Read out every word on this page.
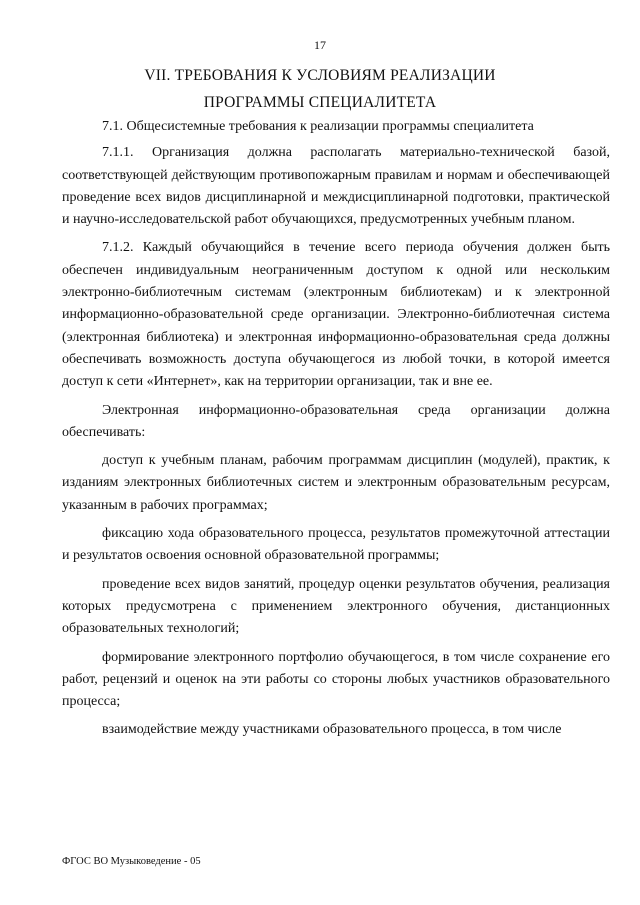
17
VII. ТРЕБОВАНИЯ К УСЛОВИЯМ РЕАЛИЗАЦИИ
ПРОГРАММЫ СПЕЦИАЛИТЕТА

7.1. Общесистемные требования к реализации программы специалитета

7.1.1. Организация должна располагать материально-технической базой, соответствующей действующим противопожарным правилам и нормам и обеспечивающей проведение всех видов дисциплинарной и междисциплинарной подготовки, практической и научно-исследовательской работ обучающихся, предусмотренных учебным планом.

7.1.2. Каждый обучающийся в течение всего периода обучения должен быть обеспечен индивидуальным неограниченным доступом к одной или нескольким электронно-библиотечным системам (электронным библиотекам) и к электронной информационно-образовательной среде организации. Электронно-библиотечная система (электронная библиотека) и электронная информационно-образовательная среда должны обеспечивать возможность доступа обучающегося из любой точки, в которой имеется доступ к сети «Интернет», как на территории организации, так и вне ее.

Электронная информационно-образовательная среда организации должна обеспечивать:

доступ к учебным планам, рабочим программам дисциплин (модулей), практик, к изданиям электронных библиотечных систем и электронным образовательным ресурсам, указанным в рабочих программах;

фиксацию хода образовательного процесса, результатов промежуточной аттестации и результатов освоения основной образовательной программы;

проведение всех видов занятий, процедур оценки результатов обучения, реализация которых предусмотрена с применением электронного обучения, дистанционных образовательных технологий;

формирование электронного портфолио обучающегося, в том числе сохранение его работ, рецензий и оценок на эти работы со стороны любых участников образовательного процесса;

взаимодействие между участниками образовательного процесса, в том числе

ФГОС ВО Музыковедение - 05
